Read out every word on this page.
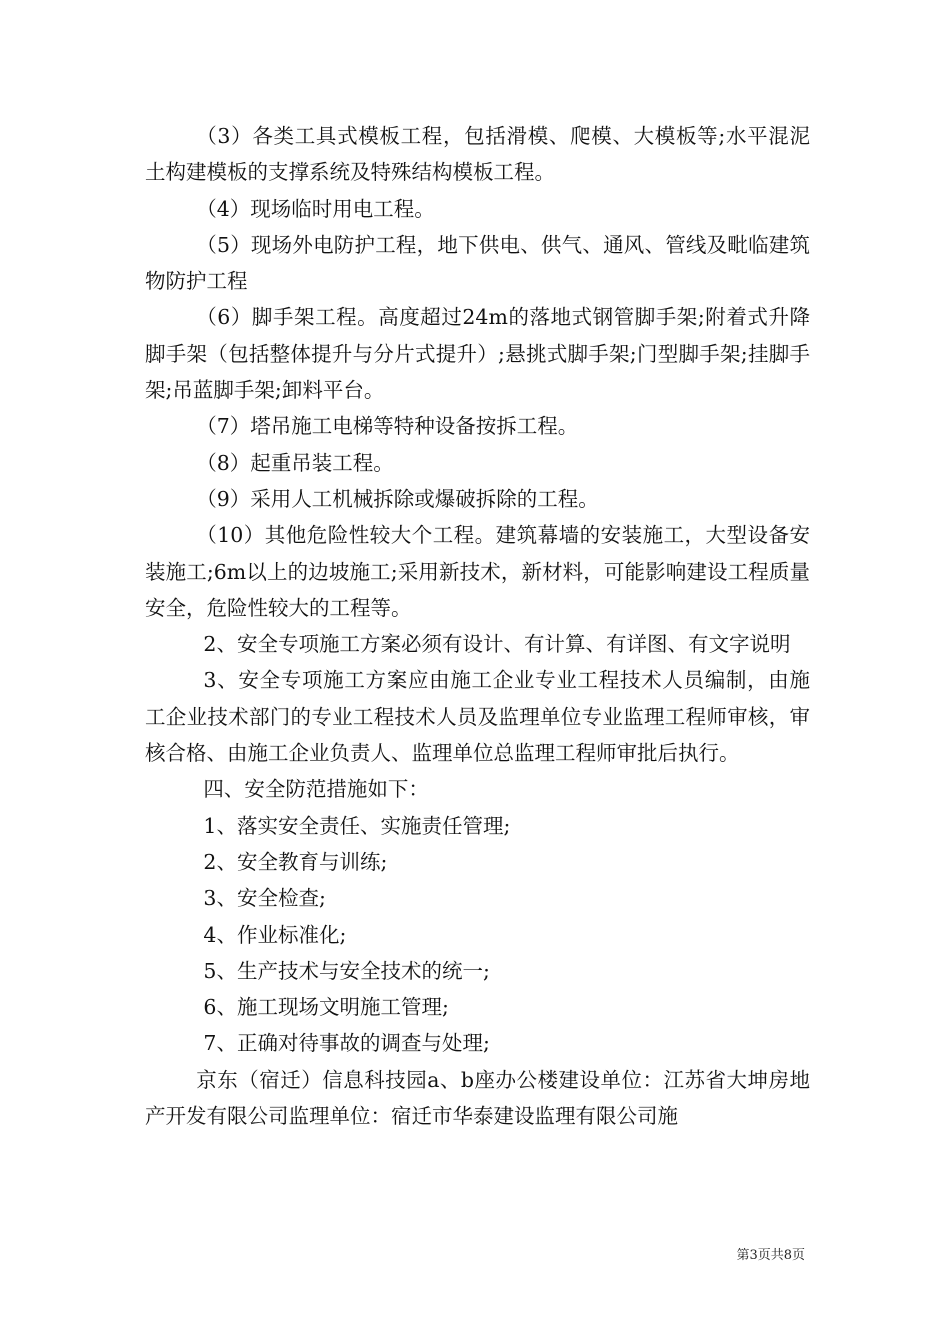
（3）各类工具式模板工程，包括滑模、爬模、大模板等;水平混泥土构建模板的支撑系统及特殊结构模板工程。

（4）现场临时用电工程。

（5）现场外电防护工程，地下供电、供气、通风、管线及毗临建筑物防护工程

（6）脚手架工程。高度超过24m的落地式钢管脚手架;附着式升降脚手架（包括整体提升与分片式提升）;悬挑式脚手架;门型脚手架;挂脚手架;吊蓝脚手架;卸料平台。

（7）塔吊施工电梯等特种设备按拆工程。

（8）起重吊装工程。

（9）采用人工机械拆除或爆破拆除的工程。

（10）其他危险性较大个工程。建筑幕墙的安装施工，大型设备安装施工;6m以上的边坡施工;采用新技术，新材料，可能影响建设工程质量安全，危险性较大的工程等。

2、安全专项施工方案必须有设计、有计算、有详图、有文字说明

3、安全专项施工方案应由施工企业专业工程技术人员编制，由施工企业技术部门的专业工程技术人员及监理单位专业监理工程师审核，审核合格、由施工企业负责人、监理单位总监理工程师审批后执行。

四、安全防范措施如下：

1、落实安全责任、实施责任管理;

2、安全教育与训练;

3、安全检查;

4、作业标准化;

5、生产技术与安全技术的统一;

6、施工现场文明施工管理;

7、正确对待事故的调查与处理;

京东（宿迁）信息科技园a、b座办公楼建设单位：江苏省大坤房地产开发有限公司监理单位：宿迁市华泰建设监理有限公司施

第3页共8页
